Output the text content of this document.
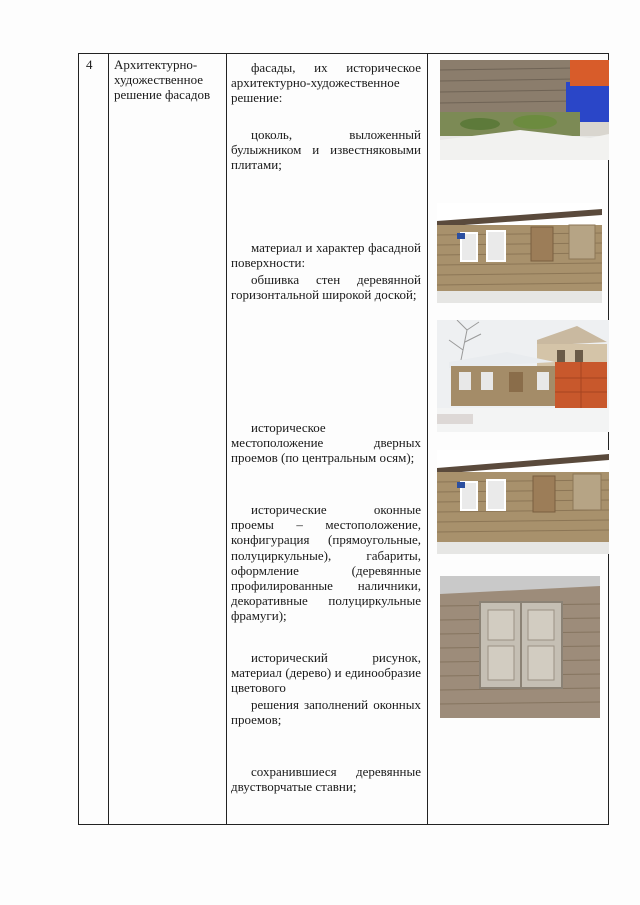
4 Архитектурно-художественное решение фасадов
фасады, их историческое архитектурно-художественное решение:
цоколь, выложенный булыжником и известняковыми плитами;
материал и характер фасадной поверхности:
обшивка стен деревянной горизонтальной широкой доской;
историческое местоположение дверных проемов (по центральным осям);
исторические оконные проемы – местоположение, конфигурация (прямоугольные, полуциркульные), габариты, оформление (деревянные профилированные наличники, декоративные полуциркульные фрамуги);
исторический рисунок, материал (дерево) и единообразие цветового
решения заполнений оконных проемов;
сохранившиеся деревянные двустворчатые ставни;
